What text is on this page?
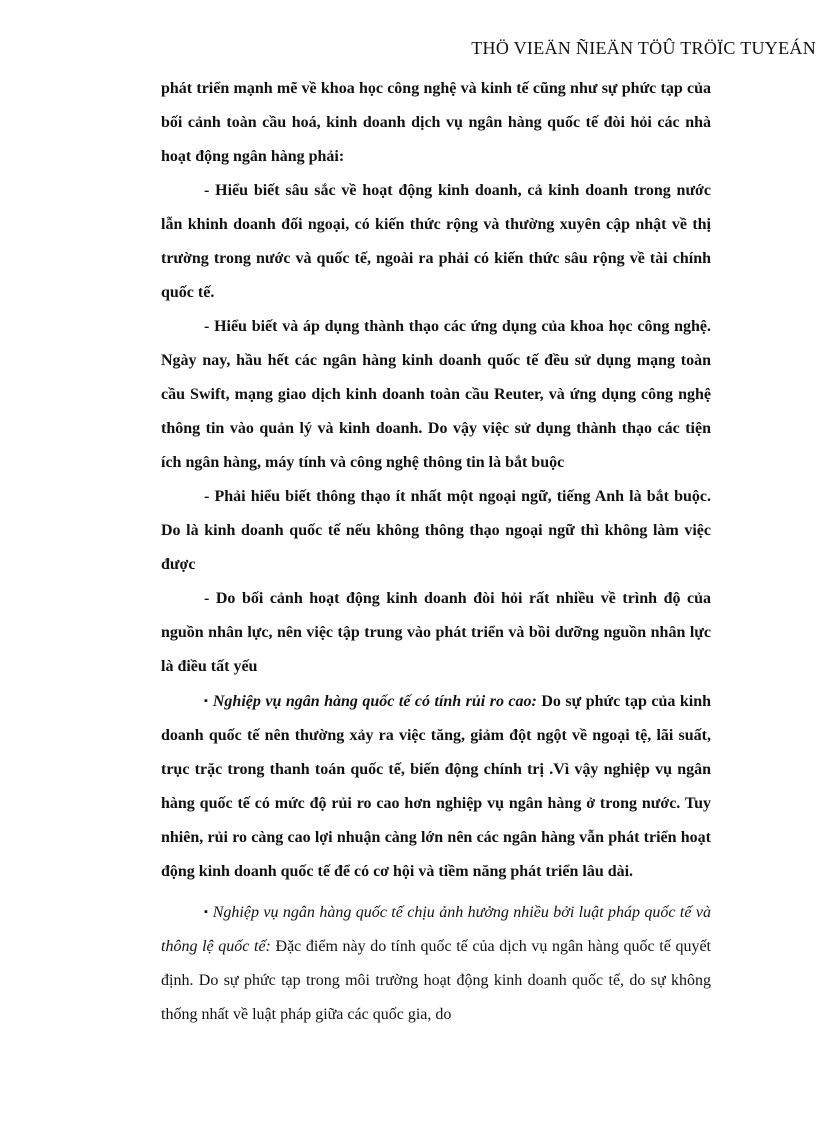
THÖ VIEÄN ÑIEÄN TÖÛ TRÖÏC TUYEÁN

phát triển mạnh mẽ về khoa học công nghệ và kinh tế cũng như sự phức tạp của bối cảnh toàn cầu hoá, kinh doanh dịch vụ ngân hàng quốc tế đòi hỏi các nhà hoạt động ngân hàng phải:

- Hiểu biết sâu sắc về hoạt động kinh doanh, cả kinh doanh trong nước lẫn khinh doanh đối ngoại, có kiến thức rộng và thường xuyên cập nhật về thị trường trong nước và quốc tế, ngoài ra phải có kiến thức sâu rộng về tài chính quốc tế.

- Hiểu biết và áp dụng thành thạo các ứng dụng của khoa học công nghệ. Ngày nay, hầu hết các ngân hàng kinh doanh quốc tế đều sử dụng mạng toàn cầu Swift, mạng giao dịch kinh doanh toàn cầu Reuter, và ứng dụng công nghệ thông tin vào quản lý và kinh doanh. Do vậy việc sử dụng thành thạo các tiện ích ngân hàng, máy tính và công nghệ thông tin là bắt buộc

- Phải hiểu biết thông thạo ít nhất một ngoại ngữ, tiếng Anh là bắt buộc. Do là kinh doanh quốc tế nếu không thông thạo ngoại ngữ thì không làm việc được

- Do bối cảnh hoạt động kinh doanh đòi hỏi rất nhiều về trình độ của nguồn nhân lực, nên việc tập trung vào phát triển và bồi dưỡng nguồn nhân lực là điều tất yếu

▪ Nghiệp vụ ngân hàng quốc tế có tính rủi ro cao: Do sự phức tạp của kinh doanh quốc tế nên thường xảy ra việc tăng, giảm đột ngột về ngoại tệ, lãi suất, trục trặc trong thanh toán quốc tế, biến động chính trị .Vì vậy nghiệp vụ ngân hàng quốc tế có mức độ rủi ro cao hơn nghiệp vụ ngân hàng ở trong nước. Tuy nhiên, rủi ro càng cao lợi nhuận càng lớn nên các ngân hàng vẫn phát triển hoạt động kinh doanh quốc tế để có cơ hội và tiềm năng phát triển lâu dài.

▪ Nghiệp vụ ngân hàng quốc tế chịu ảnh hưởng nhiều bởi luật pháp quốc tế và thông lệ quốc tế: Đặc điểm này do tính quốc tế của dịch vụ ngân hàng quốc tế quyết định. Do sự phức tạp trong môi trường hoạt động kinh doanh quốc tế, do sự không thống nhất về luật pháp giữa các quốc gia, do
